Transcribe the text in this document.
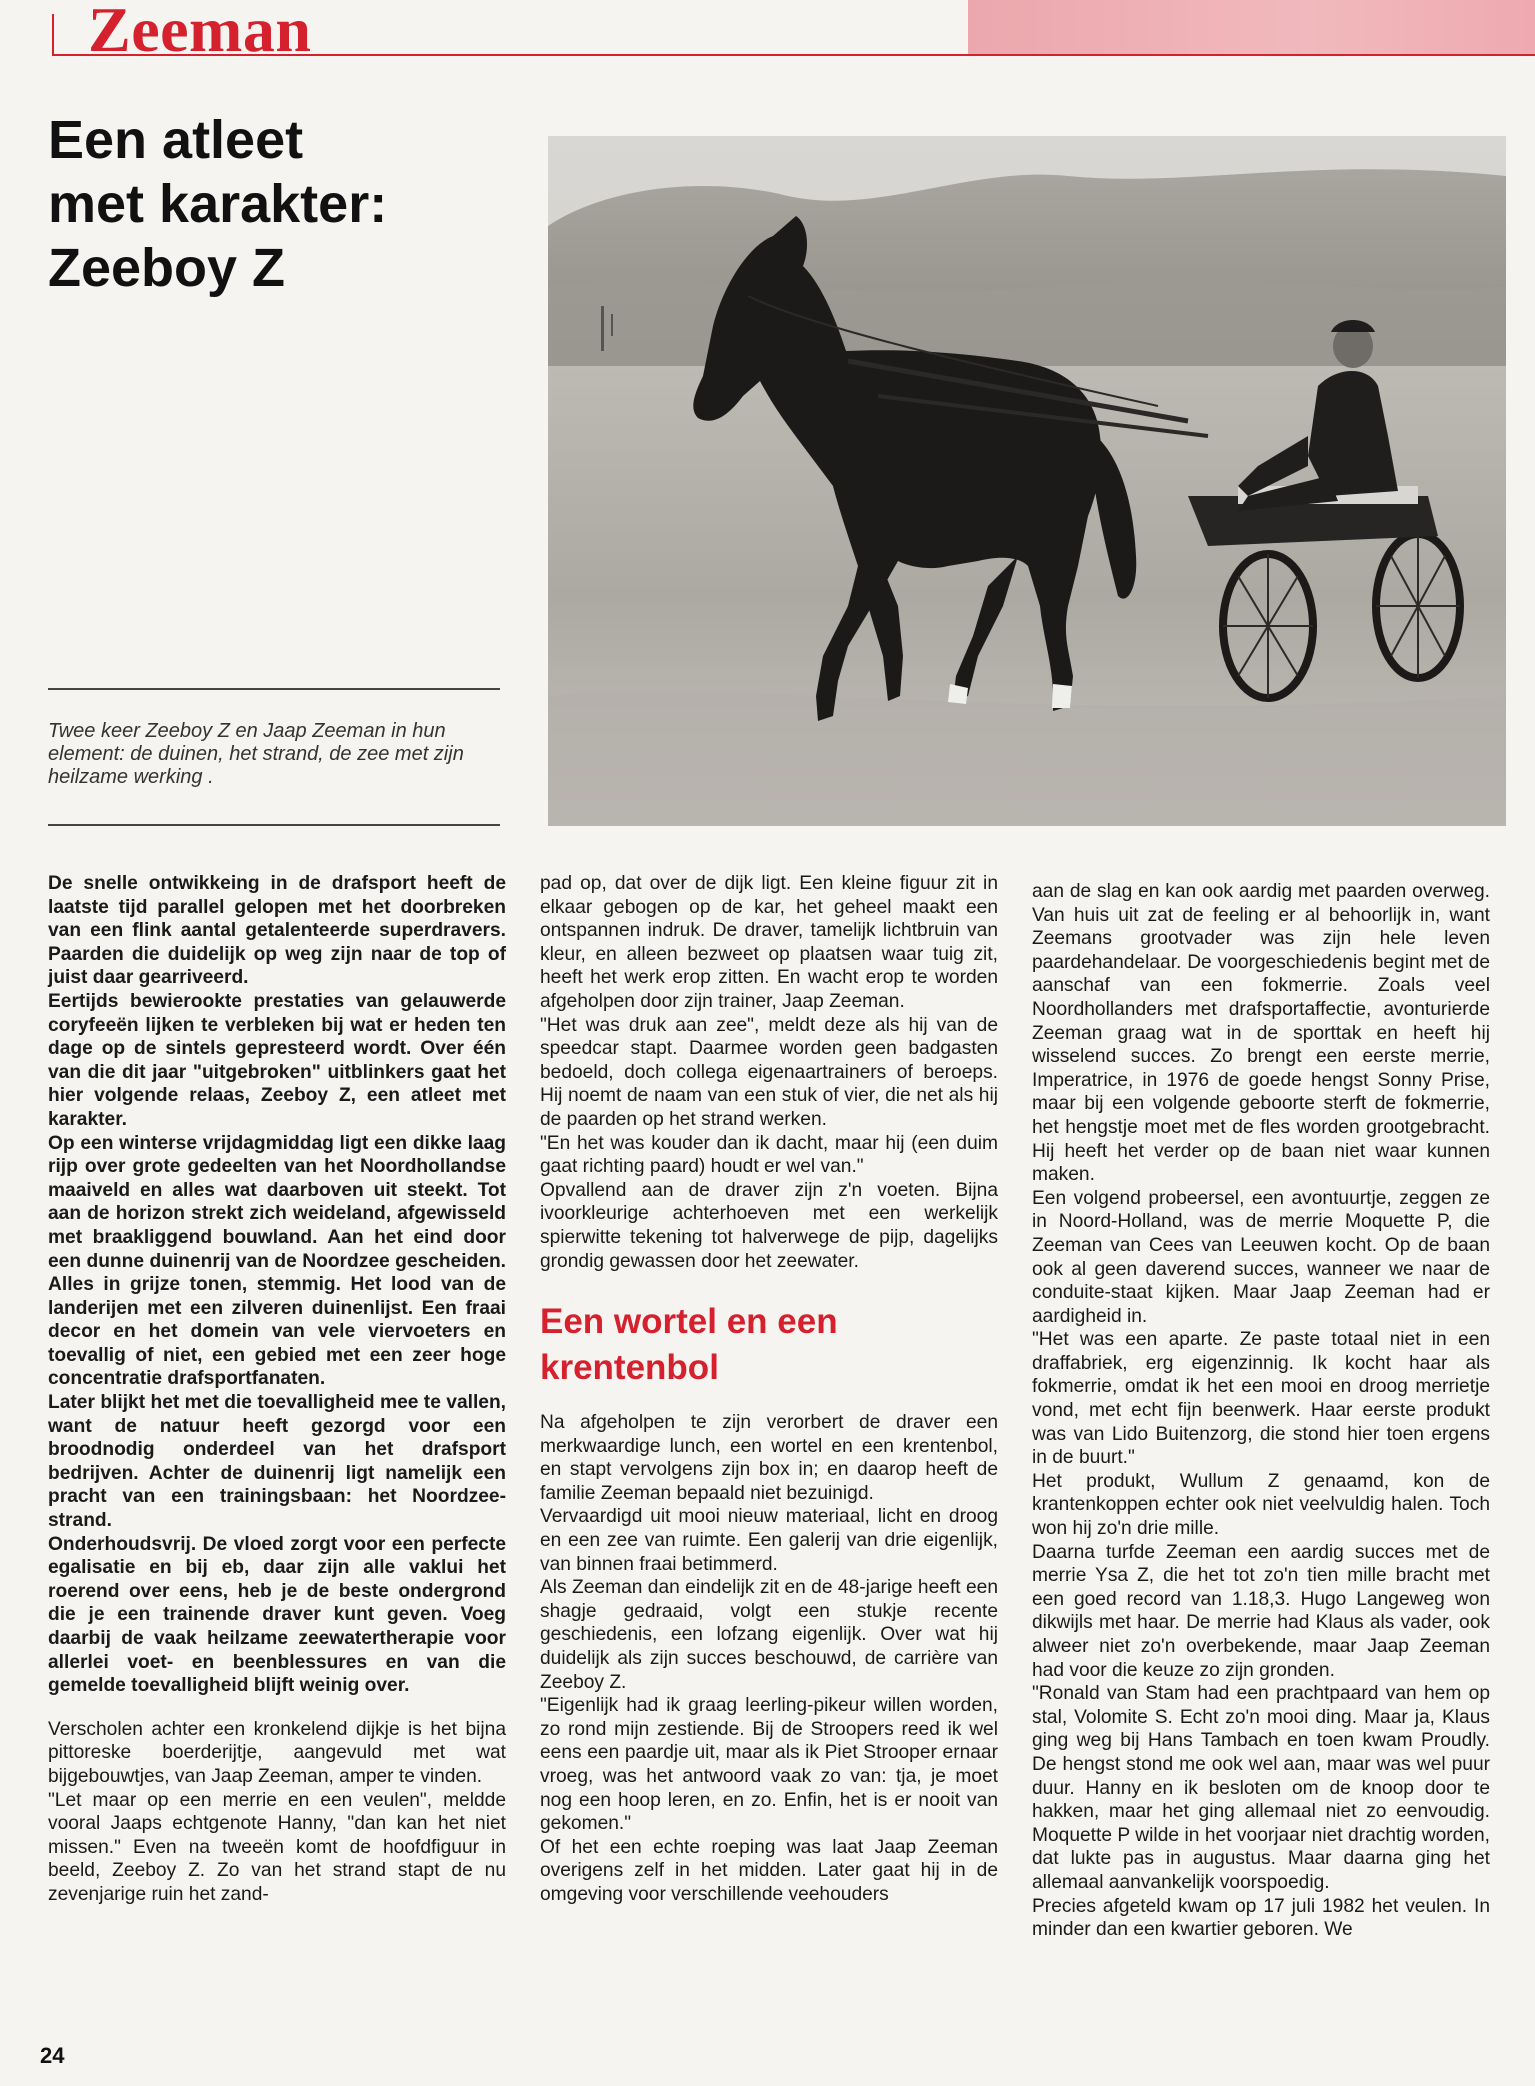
Zeeman
Een atleet
met karakter:
Zeeboy Z
Twee keer Zeeboy Z en Jaap Zeeman in hun element: de duinen, het strand, de zee met zijn heilzame werking .

De snelle ontwikkeing in de drafsport heeft de laatste tijd parallel gelopen met het doorbreken van een flink aantal getalenteerde superdravers. Paarden die duidelijk op weg zijn naar de top of juist daar gearriveerd.

Eertijds bewierookte prestaties van gelauwerde coryfeeën lijken te verbleken bij wat er heden ten dage op de sintels gepresteerd wordt. Over één van die dit jaar "uitgebroken" uitblinkers gaat het hier volgende relaas, Zeeboy Z, een atleet met karakter.

Op een winterse vrijdagmiddag ligt een dikke laag rijp over grote gedeelten van het Noordhollandse maaiveld en alles wat daarboven uit steekt. Tot aan de horizon strekt zich weideland, afgewisseld met braakliggend bouwland. Aan het eind door een dunne duinenrij van de Noordzee gescheiden. Alles in grijze tonen, stemmig. Het lood van de landerijen met een zilveren duinenlijst. Een fraai decor en het domein van vele viervoeters en toevallig of niet, een gebied met een zeer hoge concentratie drafsportfanaten.

Later blijkt het met die toevalligheid mee te vallen, want de natuur heeft gezorgd voor een broodnodig onderdeel van het drafsport bedrijven. Achter de duinenrij ligt namelijk een pracht van een trainingsbaan: het Noordzee-strand.

Onderhoudsvrij. De vloed zorgt voor een perfecte egalisatie en bij eb, daar zijn alle vaklui het roerend over eens, heb je de beste ondergrond die je een trainende draver kunt geven. Voeg daarbij de vaak heilzame zeewatertherapie voor allerlei voet- en beenblessures en van die gemelde toevalligheid blijft weinig over.

Verscholen achter een kronkelend dijkje is het bijna pittoreske boerderijtje, aangevuld met wat bijgebouwtjes, van Jaap Zeeman, amper te vinden.

"Let maar op een merrie en een veulen", meldde vooral Jaaps echtgenote Hanny, "dan kan het niet missen." Even na tweeën komt de hoofdfiguur in beeld, Zeeboy Z. Zo van het strand stapt de nu zevenjarige ruin het zand-

pad op, dat over de dijk ligt. Een kleine figuur zit in elkaar gebogen op de kar, het geheel maakt een ontspannen indruk. De draver, tamelijk lichtbruin van kleur, en alleen bezweet op plaatsen waar tuig zit, heeft het werk erop zitten. En wacht erop te worden afgeholpen door zijn trainer, Jaap Zeeman.

"Het was druk aan zee", meldt deze als hij van de speedcar stapt. Daarmee worden geen badgasten bedoeld, doch collega eigenaartrainers of beroeps. Hij noemt de naam van een stuk of vier, die net als hij de paarden op het strand werken.

"En het was kouder dan ik dacht, maar hij (een duim gaat richting paard) houdt er wel van."

Opvallend aan de draver zijn z'n voeten. Bijna ivoorkleurige achterhoeven met een werkelijk spierwitte tekening tot halverwege de pijp, dagelijks grondig gewassen door het zeewater.

Een wortel en een krentenbol

Na afgeholpen te zijn verorbert de draver een merkwaardige lunch, een wortel en een krentenbol, en stapt vervolgens zijn box in; en daarop heeft de familie Zeeman bepaald niet bezuinigd.

Vervaardigd uit mooi nieuw materiaal, licht en droog en een zee van ruimte. Een galerij van drie eigenlijk, van binnen fraai betimmerd.

Als Zeeman dan eindelijk zit en de 48-jarige heeft een shagje gedraaid, volgt een stukje recente geschiedenis, een lofzang eigenlijk. Over wat hij duidelijk als zijn succes beschouwd, de carrière van Zeeboy Z.

"Eigenlijk had ik graag leerling-pikeur willen worden, zo rond mijn zestiende. Bij de Stroopers reed ik wel eens een paardje uit, maar als ik Piet Strooper ernaar vroeg, was het antwoord vaak zo van: tja, je moet nog een hoop leren, en zo. Enfin, het is er nooit van gekomen."

Of het een echte roeping was laat Jaap Zeeman overigens zelf in het midden. Later gaat hij in de omgeving voor verschillende veehouders

aan de slag en kan ook aardig met paarden overweg. Van huis uit zat de feeling er al behoorlijk in, want Zeemans grootvader was zijn hele leven paardehandelaar. De voorgeschiedenis begint met de aanschaf van een fokmerrie. Zoals veel Noordhollanders met drafsportaffectie, avonturierde Zeeman graag wat in de sporttak en heeft hij wisselend succes. Zo brengt een eerste merrie, Imperatrice, in 1976 de goede hengst Sonny Prise, maar bij een volgende geboorte sterft de fokmerrie, het hengstje moet met de fles worden grootgebracht. Hij heeft het verder op de baan niet waar kunnen maken.

Een volgend probeersel, een avontuurtje, zeggen ze in Noord-Holland, was de merrie Moquette P, die Zeeman van Cees van Leeuwen kocht. Op de baan ook al geen daverend succes, wanneer we naar de conduite-staat kijken. Maar Jaap Zeeman had er aardigheid in.

"Het was een aparte. Ze paste totaal niet in een draffabriek, erg eigenzinnig. Ik kocht haar als fokmerrie, omdat ik het een mooi en droog merrietje vond, met echt fijn beenwerk. Haar eerste produkt was van Lido Buitenzorg, die stond hier toen ergens in de buurt."

Het produkt, Wullum Z genaamd, kon de krantenkoppen echter ook niet veelvuldig halen. Toch won hij zo'n drie mille.

Daarna turfde Zeeman een aardig succes met de merrie Ysa Z, die het tot zo'n tien mille bracht met een goed record van 1.18,3. Hugo Langeweg won dikwijls met haar. De merrie had Klaus als vader, ook alweer niet zo'n overbekende, maar Jaap Zeeman had voor die keuze zo zijn gronden.

"Ronald van Stam had een prachtpaard van hem op stal, Volomite S. Echt zo'n mooi ding. Maar ja, Klaus ging weg bij Hans Tambach en toen kwam Proudly. De hengst stond me ook wel aan, maar was wel puur duur. Hanny en ik besloten om de knoop door te hakken, maar het ging allemaal niet zo eenvoudig. Moquette P wilde in het voorjaar niet drachtig worden, dat lukte pas in augustus. Maar daarna ging het allemaal aanvankelijk voorspoedig.

Precies afgeteld kwam op 17 juli 1982 het veulen. In minder dan een kwartier geboren. We

24
